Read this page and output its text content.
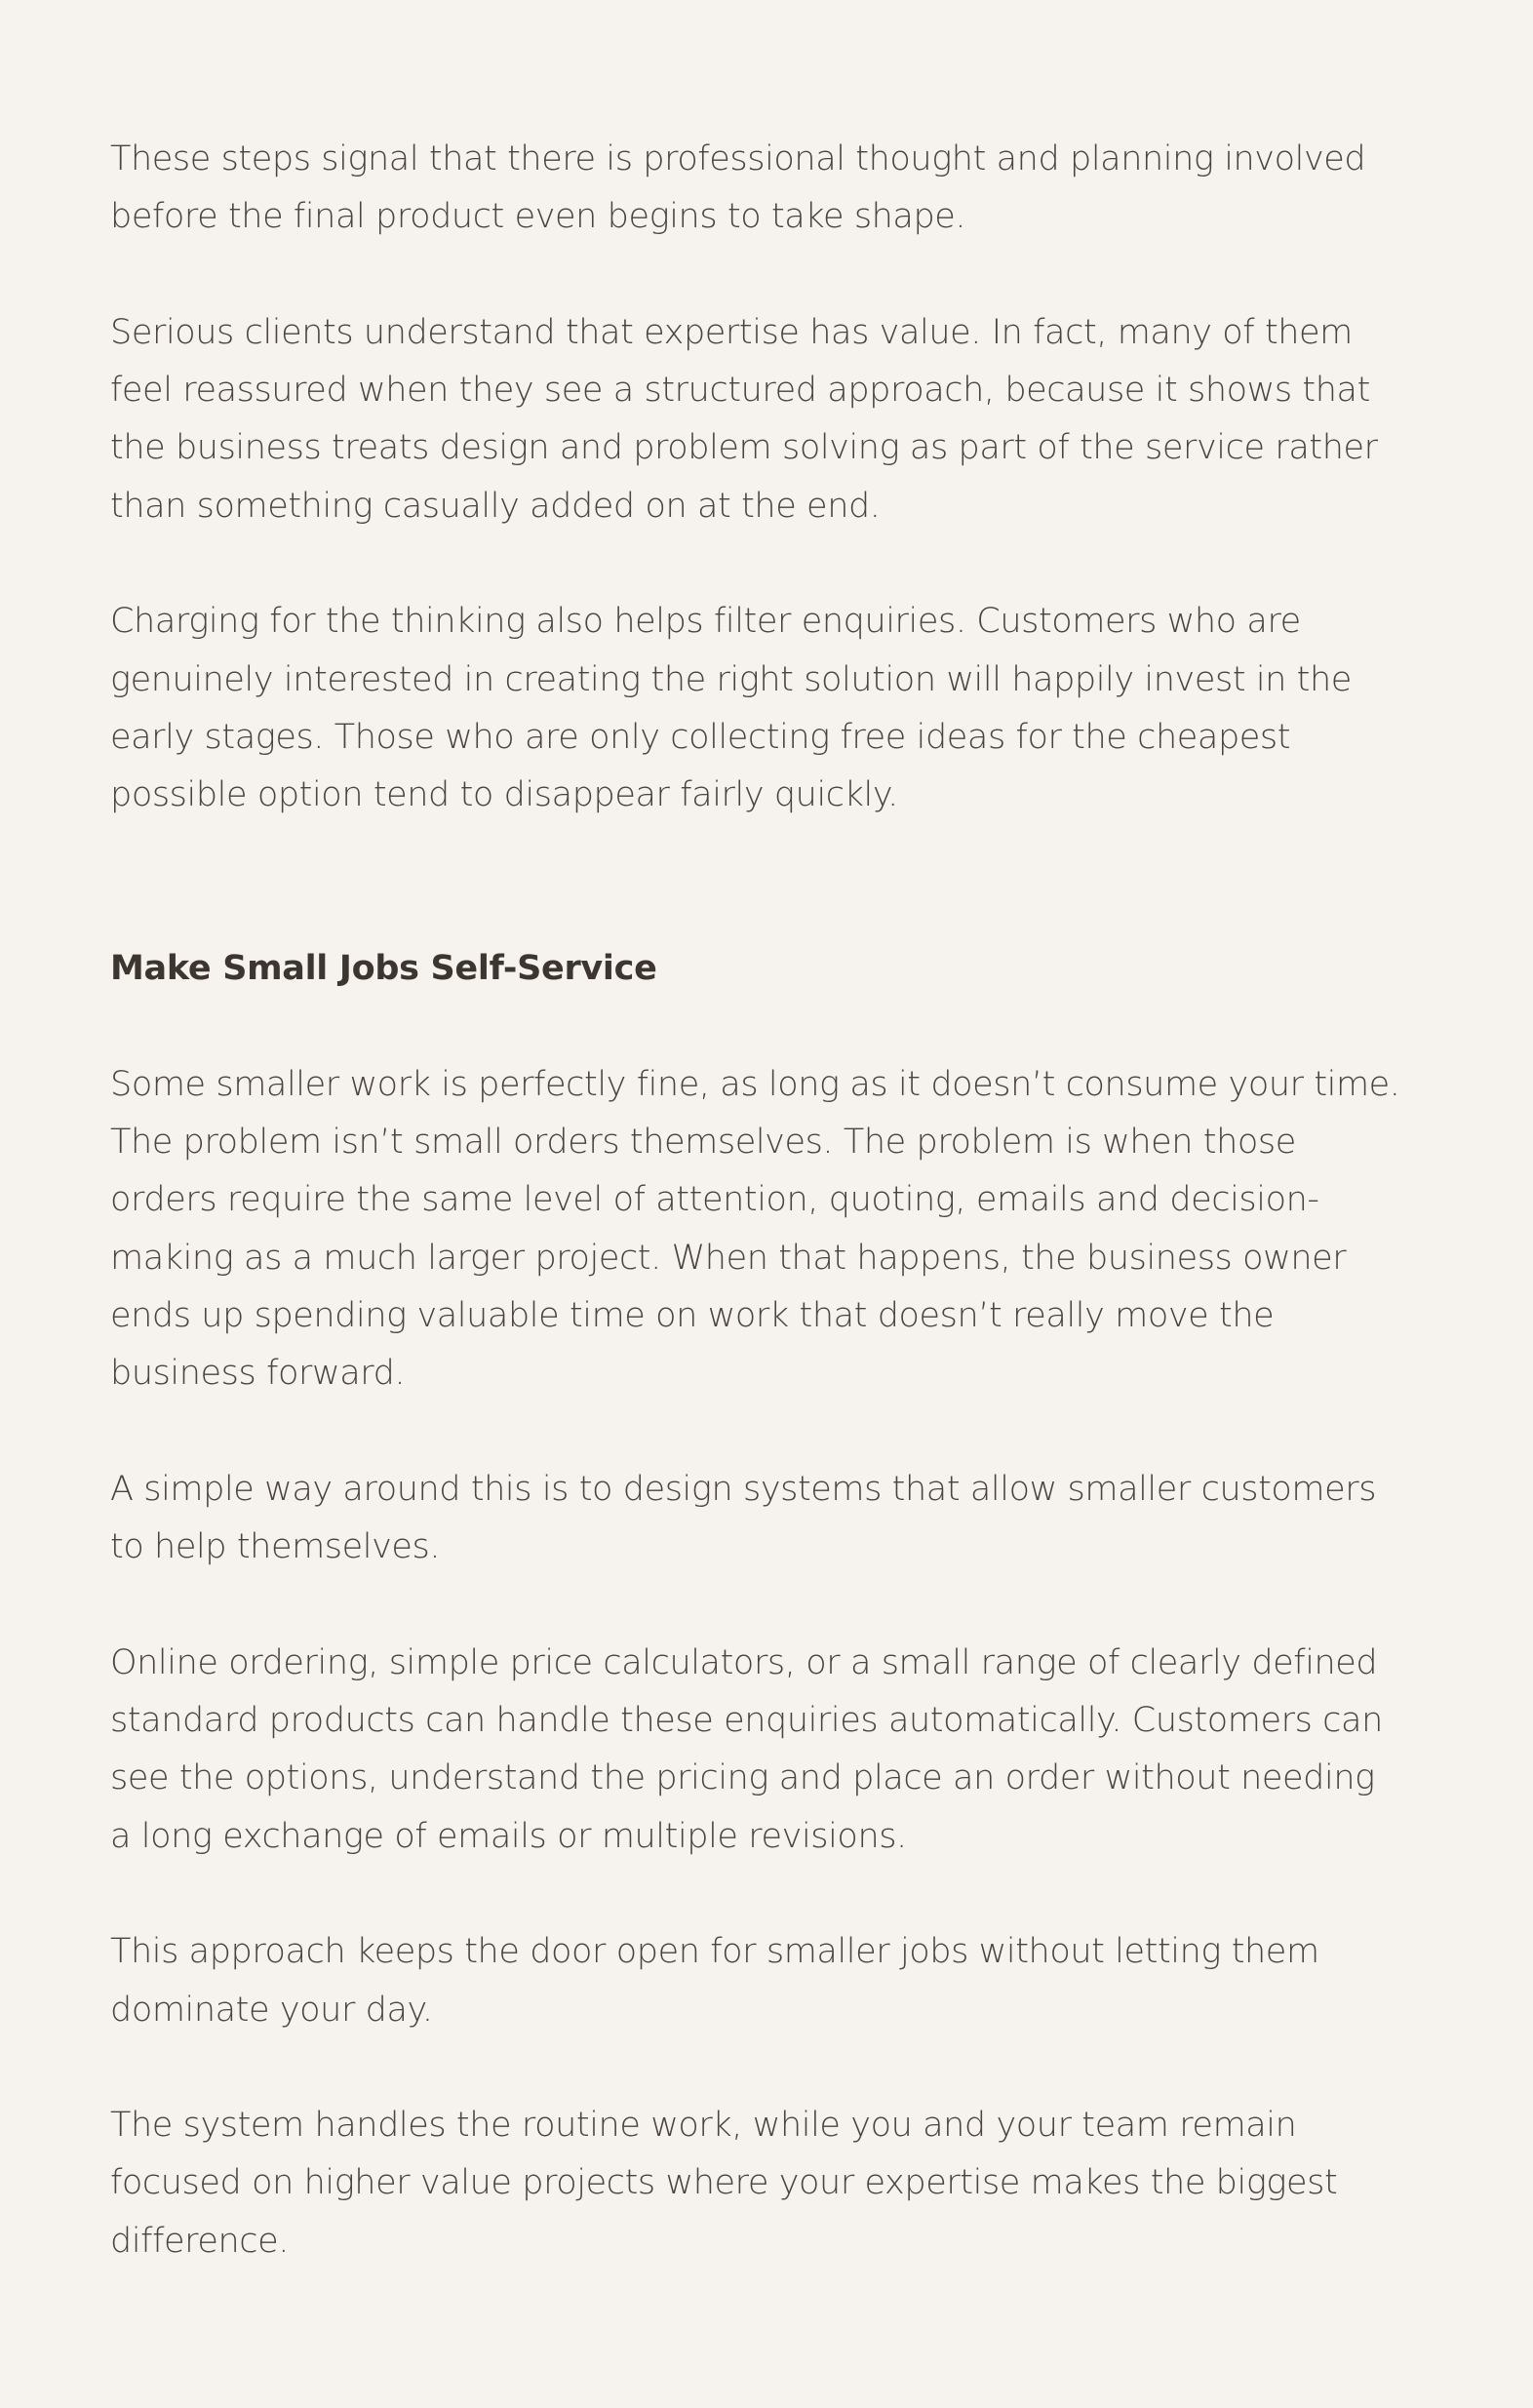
These steps signal that there is professional thought and planning involved
before the final product even begins to take shape.

Serious clients understand that expertise has value. In fact, many of them
feel reassured when they see a structured approach, because it shows that
the business treats design and problem solving as part of the service rather
than something casually added on at the end.

Charging for the thinking also helps filter enquiries. Customers who are
genuinely interested in creating the right solution will happily invest in the
early stages. Those who are only collecting free ideas for the cheapest
possible option tend to disappear fairly quickly.

Make Small Jobs Self-Service

Some smaller work is perfectly fine, as long as it doesn’t consume your time.
The problem isn’t small orders themselves. The problem is when those
orders require the same level of attention, quoting, emails and decision-
making as a much larger project. When that happens, the business owner
ends up spending valuable time on work that doesn’t really move the
business forward.

A simple way around this is to design systems that allow smaller customers
to help themselves.

Online ordering, simple price calculators, or a small range of clearly defined
standard products can handle these enquiries automatically. Customers can
see the options, understand the pricing and place an order without needing
a long exchange of emails or multiple revisions.

This approach keeps the door open for smaller jobs without letting them
dominate your day.

The system handles the routine work, while you and your team remain
focused on higher value projects where your expertise makes the biggest
difference.
